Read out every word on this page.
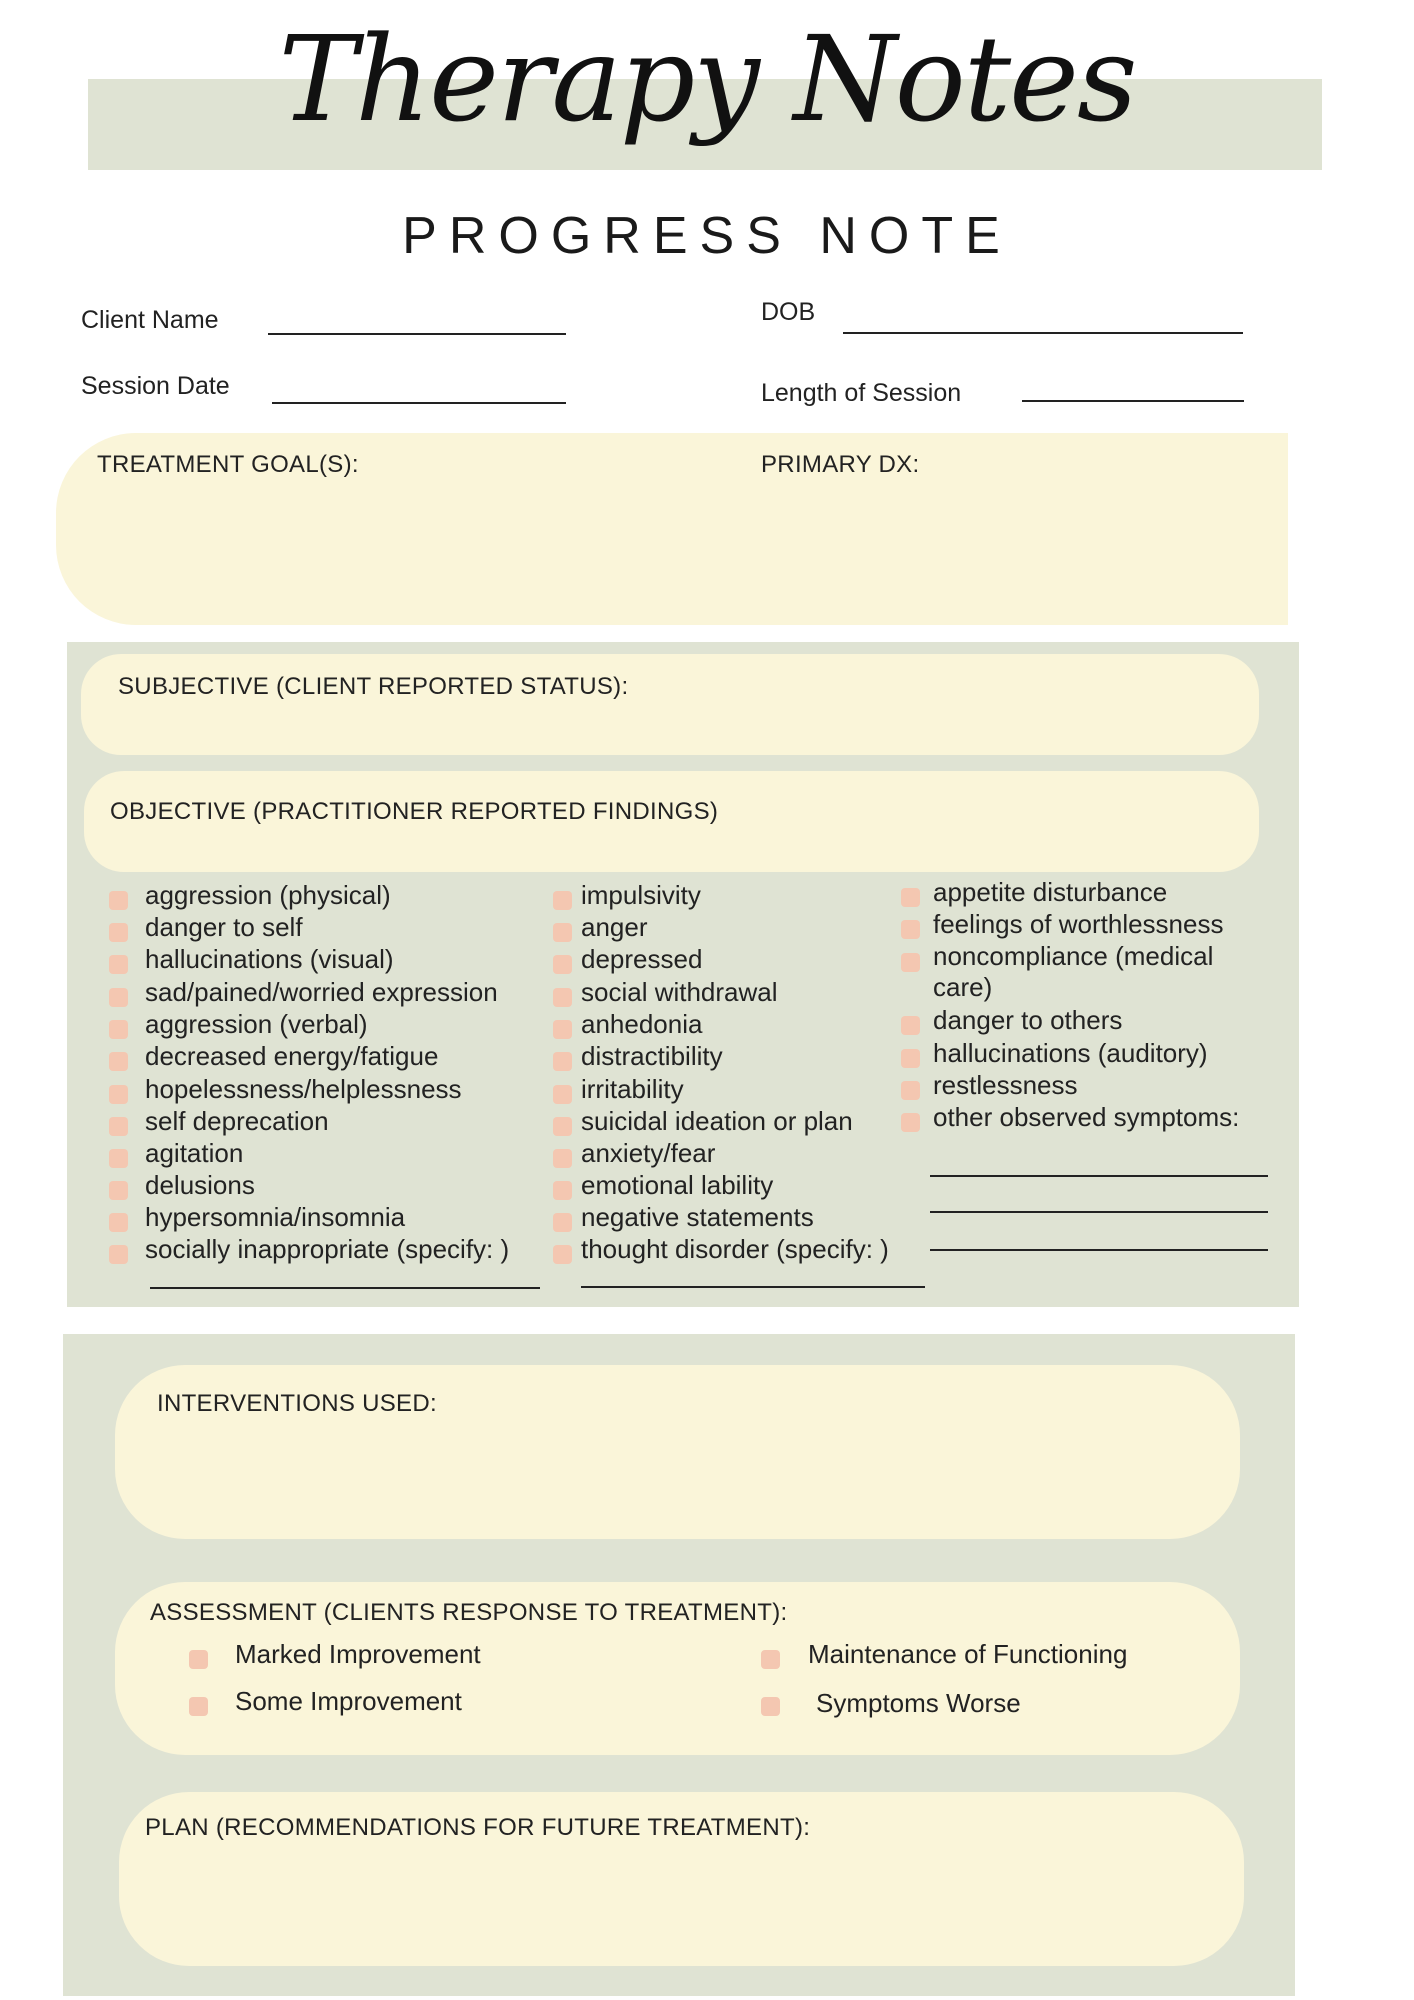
Therapy Notes
PROGRESS NOTE
Client Name	DOB
Session Date	Length of Session
TREATMENT GOAL(S):	PRIMARY DX:
SUBJECTIVE (CLIENT REPORTED STATUS):
OBJECTIVE (PRACTITIONER REPORTED FINDINGS)
aggression (physical)
danger to self
hallucinations (visual)
sad/pained/worried expression
aggression (verbal)
decreased energy/fatigue
hopelessness/helplessness
self deprecation
agitation
delusions
hypersomnia/insomnia
socially inappropriate (specify: )
impulsivity
anger
depressed
social withdrawal
anhedonia
distractibility
irritability
suicidal ideation or plan
anxiety/fear
emotional lability
negative statements
thought disorder (specify: )
appetite disturbance
feelings of worthlessness
noncompliance (medical care)
danger to others
hallucinations (auditory)
restlessness
other observed symptoms:
INTERVENTIONS USED:
ASSESSMENT (CLIENTS RESPONSE TO TREATMENT):
Marked Improvement	Maintenance of Functioning
Some Improvement	Symptoms Worse
PLAN (RECOMMENDATIONS FOR FUTURE TREATMENT):
